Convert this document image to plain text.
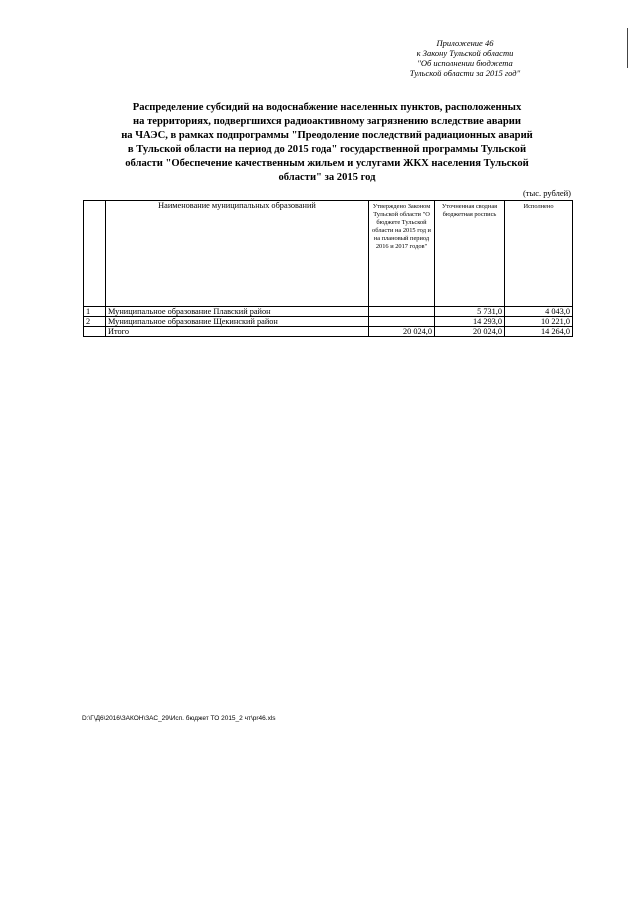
Приложение 46
к Закону Тульской области
"Об исполнении бюджета
Тульской области за 2015 год"
Распределение субсидий на водоснабжение населенных пунктов, расположенных
на территориях, подвергшихся радиоактивному загрязнению вследствие аварии
на ЧАЭС, в рамках подпрограммы "Преодоление последствий радиационных аварий
в Тульской области на период до 2015 года" государственной программы Тульской
области "Обеспечение качественным жильем и услугами ЖКХ населения Тульской
области" за 2015 год
(тыс. рублей)
	Наименование муниципальных образований	Утверждено Законом Тульской области "О бюджете Тульской области на 2015 год и на плановый период 2016 и 2017 годов"	Уточненная сводная бюджетная роспись	Исполнено
1	Муниципальное образование Плавский район		5 731,0	4 043,0
2	Муниципальное образование Щекинский район		14 293,0	10 221,0
	Итого	20 024,0	20 024,0	14 264,0
D:\Г\Д6\2016\ЗАКОН\ЗАС_29\Исп. бюджет ТО 2015_2 чт\pr46.xls
